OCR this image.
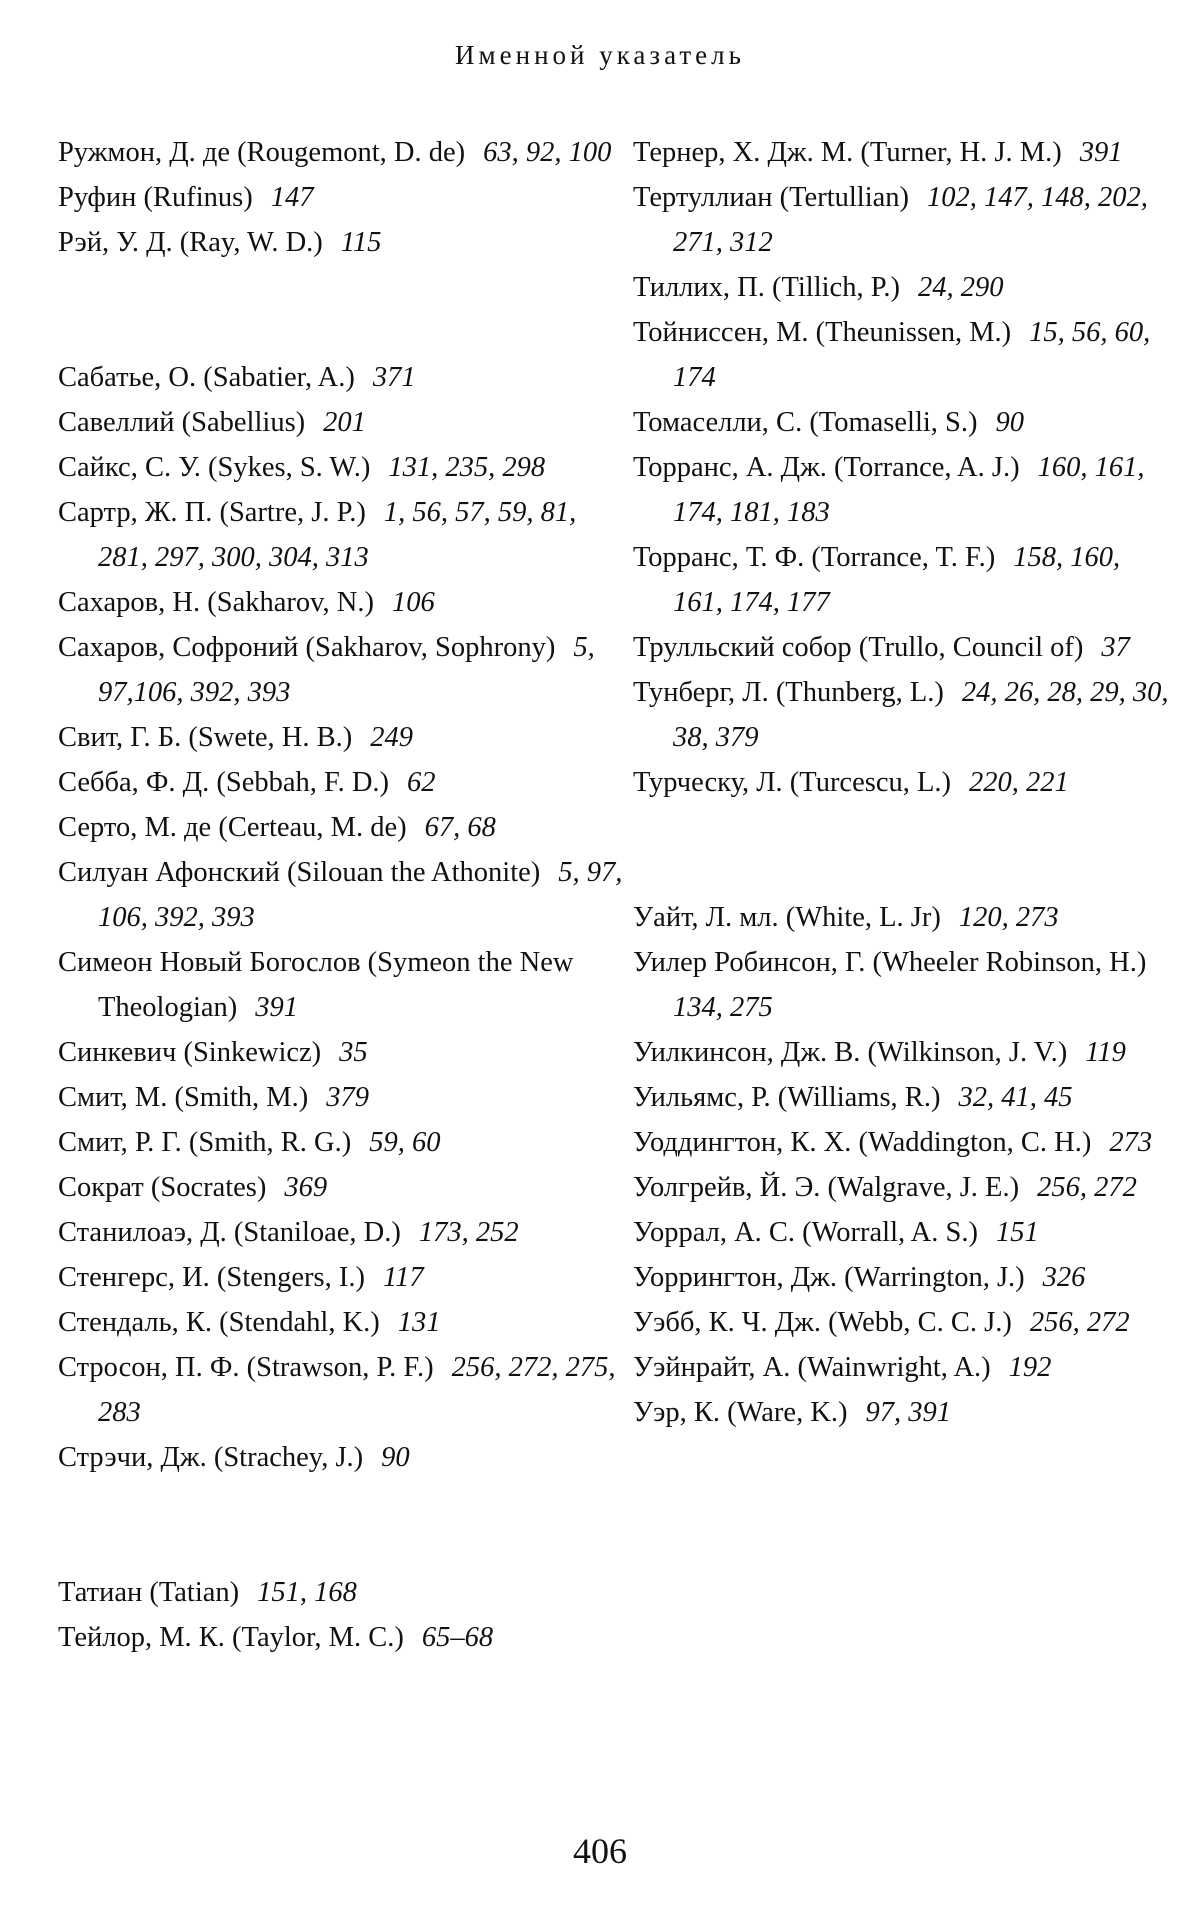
Именной указатель
Ружмон, Д. де (Rougemont, D. de) 63, 92, 100
Руфин (Rufinus) 147
Рэй, У. Д. (Ray, W. D.) 115
Сабатье, О. (Sabatier, A.) 371
Савеллий (Sabellius) 201
Сайкс, С. У. (Sykes, S. W.) 131, 235, 298
Сартр, Ж. П. (Sartre, J. P.) 1, 56, 57, 59, 81, 281, 297, 300, 304, 313
Сахаров, Н. (Sakharov, N.) 106
Сахаров, Софроний (Sakharov, Sophrony) 5, 97,106, 392, 393
Свит, Г. Б. (Swete, H. B.) 249
Себба, Ф. Д. (Sebbah, F. D.) 62
Серто, М. де (Certeau, M. de) 67, 68
Силуан Афонский (Silouan the Athonite) 5, 97, 106, 392, 393
Симеон Новый Богослов (Symeon the New Theologian) 391
Синкевич (Sinkewicz) 35
Смит, М. (Smith, M.) 379
Смит, Р. Г. (Smith, R. G.) 59, 60
Сократ (Socrates) 369
Станилоаэ, Д. (Staniloae, D.) 173, 252
Стенгерс, И. (Stengers, I.) 117
Стендаль, К. (Stendahl, K.) 131
Стросон, П. Ф. (Strawson, P. F.) 256, 272, 275, 283
Стрэчи, Дж. (Strachey, J.) 90
Татиан (Tatian) 151, 168
Тейлор, М. К. (Taylor, M. C.) 65–68
Тернер, Х. Дж. М. (Turner, H. J. M.) 391
Тертуллиан (Tertullian) 102, 147, 148, 202, 271, 312
Тиллих, П. (Tillich, P.) 24, 290
Тойниссен, М. (Theunissen, M.) 15, 56, 60, 174
Томаселли, С. (Tomaselli, S.) 90
Торранс, А. Дж. (Torrance, A. J.) 160, 161, 174, 181, 183
Торранс, Т. Ф. (Torrance, T. F.) 158, 160, 161, 174, 177
Трулльский собор (Trullo, Council of) 37
Тунберг, Л. (Thunberg, L.) 24, 26, 28, 29, 30, 38, 379
Турческу, Л. (Turcescu, L.) 220, 221
Уайт, Л. мл. (White, L. Jr) 120, 273
Уилер Робинсон, Г. (Wheeler Robinson, H.)134, 275
Уилкинсон, Дж. В. (Wilkinson, J. V.) 119
Уильямс, Р. (Williams, R.) 32, 41, 45
Уоддингтон, К. Х. (Waddington, C. H.) 273
Уолгрейв, Й. Э. (Walgrave, J. E.) 256, 272
Уоррал, А. С. (Worrall, A. S.) 151
Уоррингтон, Дж. (Warrington, J.) 326
Уэбб, К. Ч. Дж. (Webb, C. C. J.) 256, 272
Уэйнрайт, А. (Wainwright, A.) 192
Уэр, К. (Ware, K.) 97, 391
406
